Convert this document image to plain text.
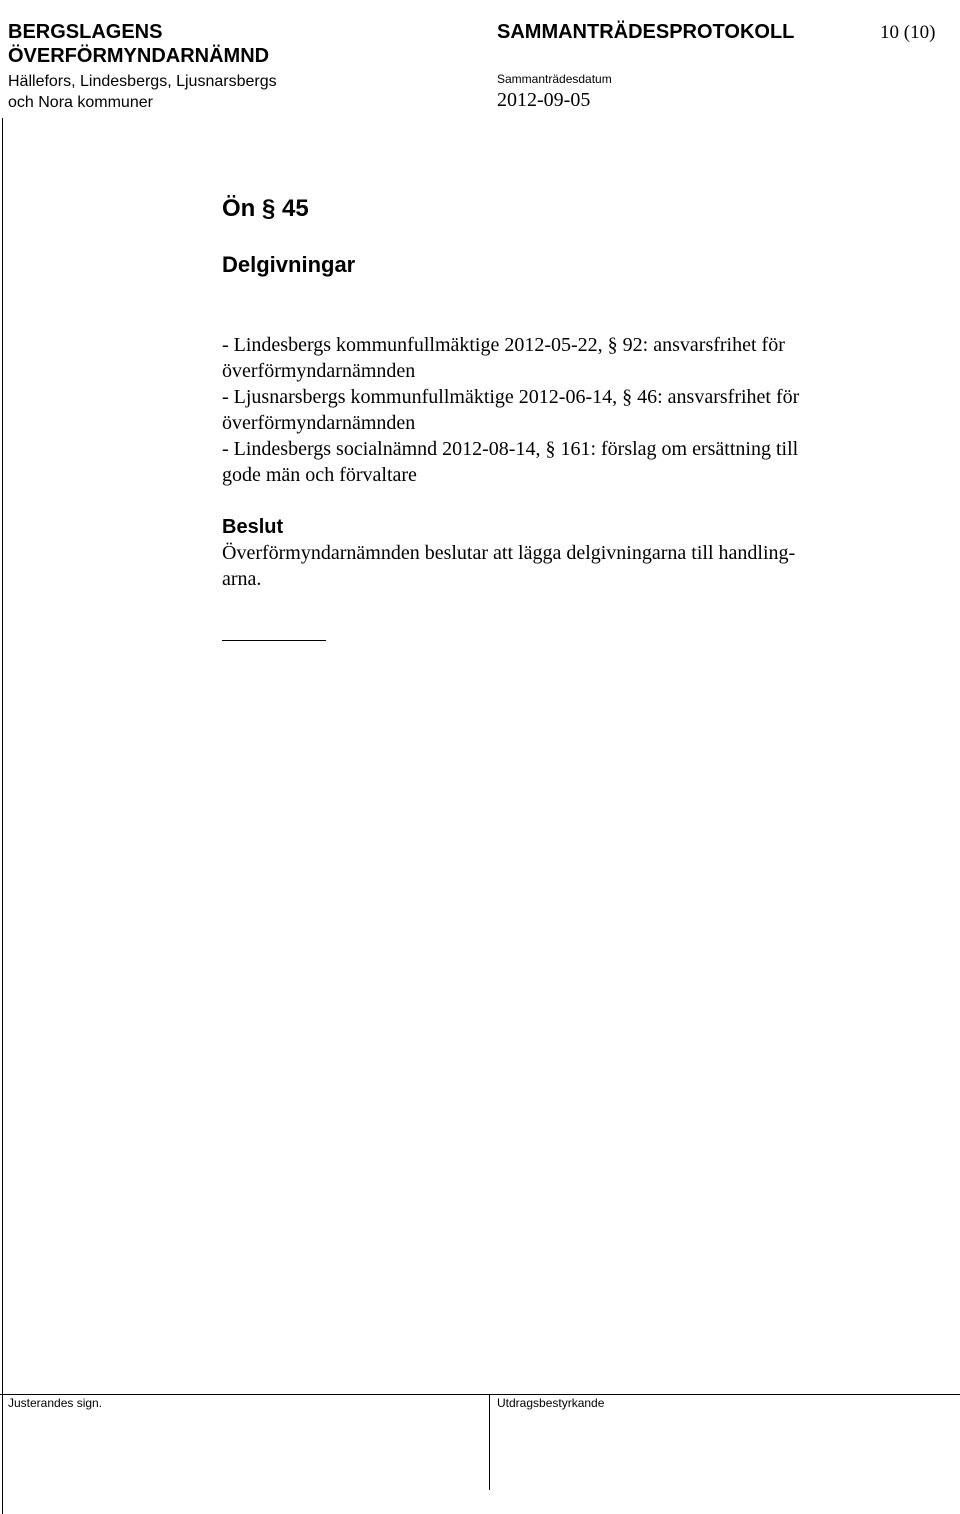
BERGSLAGENS
ÖVERFÖRMYNDARNÄMND
Hällefors, Lindesbergs, Ljusnarsbergs
och Nora kommuner
SAMMANTRÄDESPROTOKOLL	10 (10)
Sammanträdesdatum
2012-09-05
Ön § 45
Delgivningar
- Lindesbergs kommunfullmäktige 2012-05-22, § 92: ansvarsfrihet för
överförmyndarnämnden
- Ljusnarsbergs kommunfullmäktige 2012-06-14, § 46: ansvarsfrihet för
överförmyndarnämnden
- Lindesbergs socialnämnd 2012-08-14, § 161: förslag om ersättning till
gode män och förvaltare
Beslut
Överförmyndarnämnden beslutar att lägga delgivningarna till handling-
arna.
Justerandes sign.	Utdragsbestyrkande
